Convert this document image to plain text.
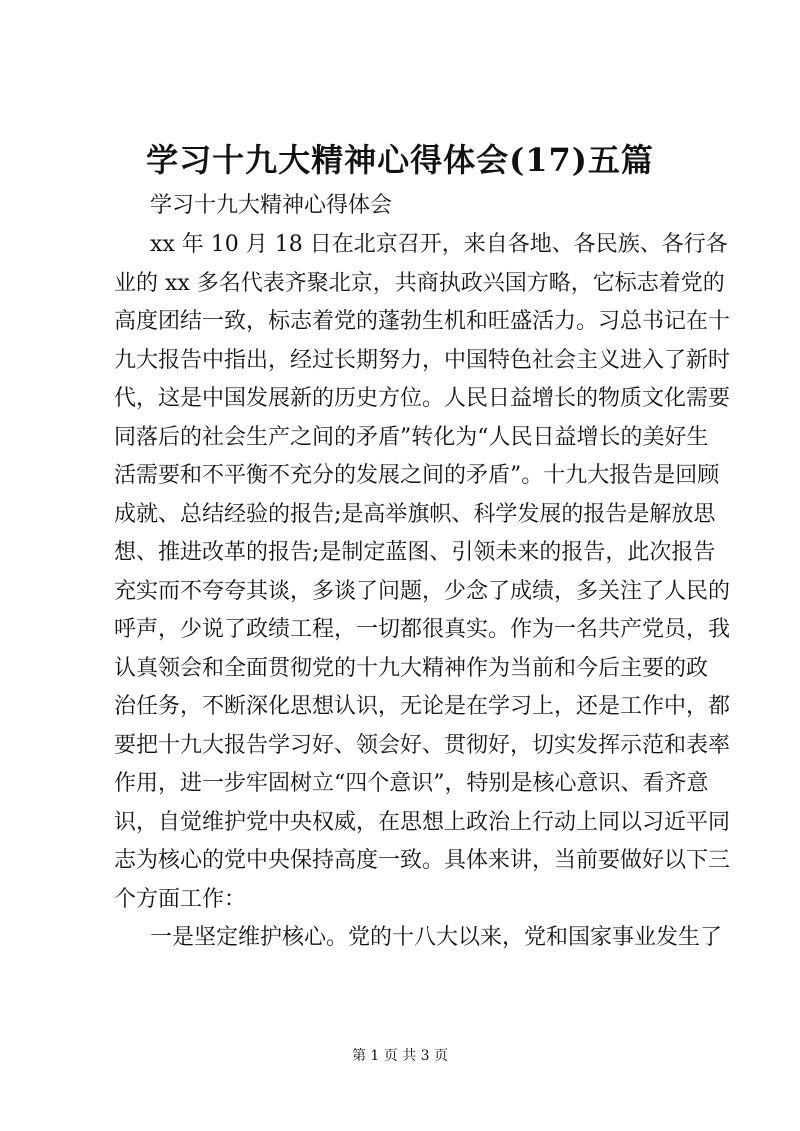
学习十九大精神心得体会(17)五篇

学习十九大精神心得体会

xx 年 10 月 18 日在北京召开，来自各地、各民族、各行各
业的 xx 多名代表齐聚北京，共商执政兴国方略，它标志着党的
高度团结一致，标志着党的蓬勃生机和旺盛活力。习总书记在十
九大报告中指出，经过长期努力，中国特色社会主义进入了新时
代，这是中国发展新的历史方位。人民日益增长的物质文化需要
同落后的社会生产之间的矛盾”转化为“人民日益增长的美好生
活需要和不平衡不充分的发展之间的矛盾”。十九大报告是回顾
成就、总结经验的报告;是高举旗帜、科学发展的报告是解放思
想、推进改革的报告;是制定蓝图、引领未来的报告，此次报告
充实而不夸夸其谈，多谈了问题，少念了成绩，多关注了人民的
呼声，少说了政绩工程，一切都很真实。作为一名共产党员，我
认真领会和全面贯彻党的十九大精神作为当前和今后主要的政
治任务，不断深化思想认识，无论是在学习上，还是工作中，都
要把十九大报告学习好、领会好、贯彻好，切实发挥示范和表率
作用，进一步牢固树立“四个意识”，特别是核心意识、看齐意
识，自觉维护党中央权威，在思想上政治上行动上同以习近平同
志为核心的党中央保持高度一致。具体来讲，当前要做好以下三
个方面工作：
一是坚定维护核心。党的十八大以来，党和国家事业发生了

第 1 页 共 3 页
